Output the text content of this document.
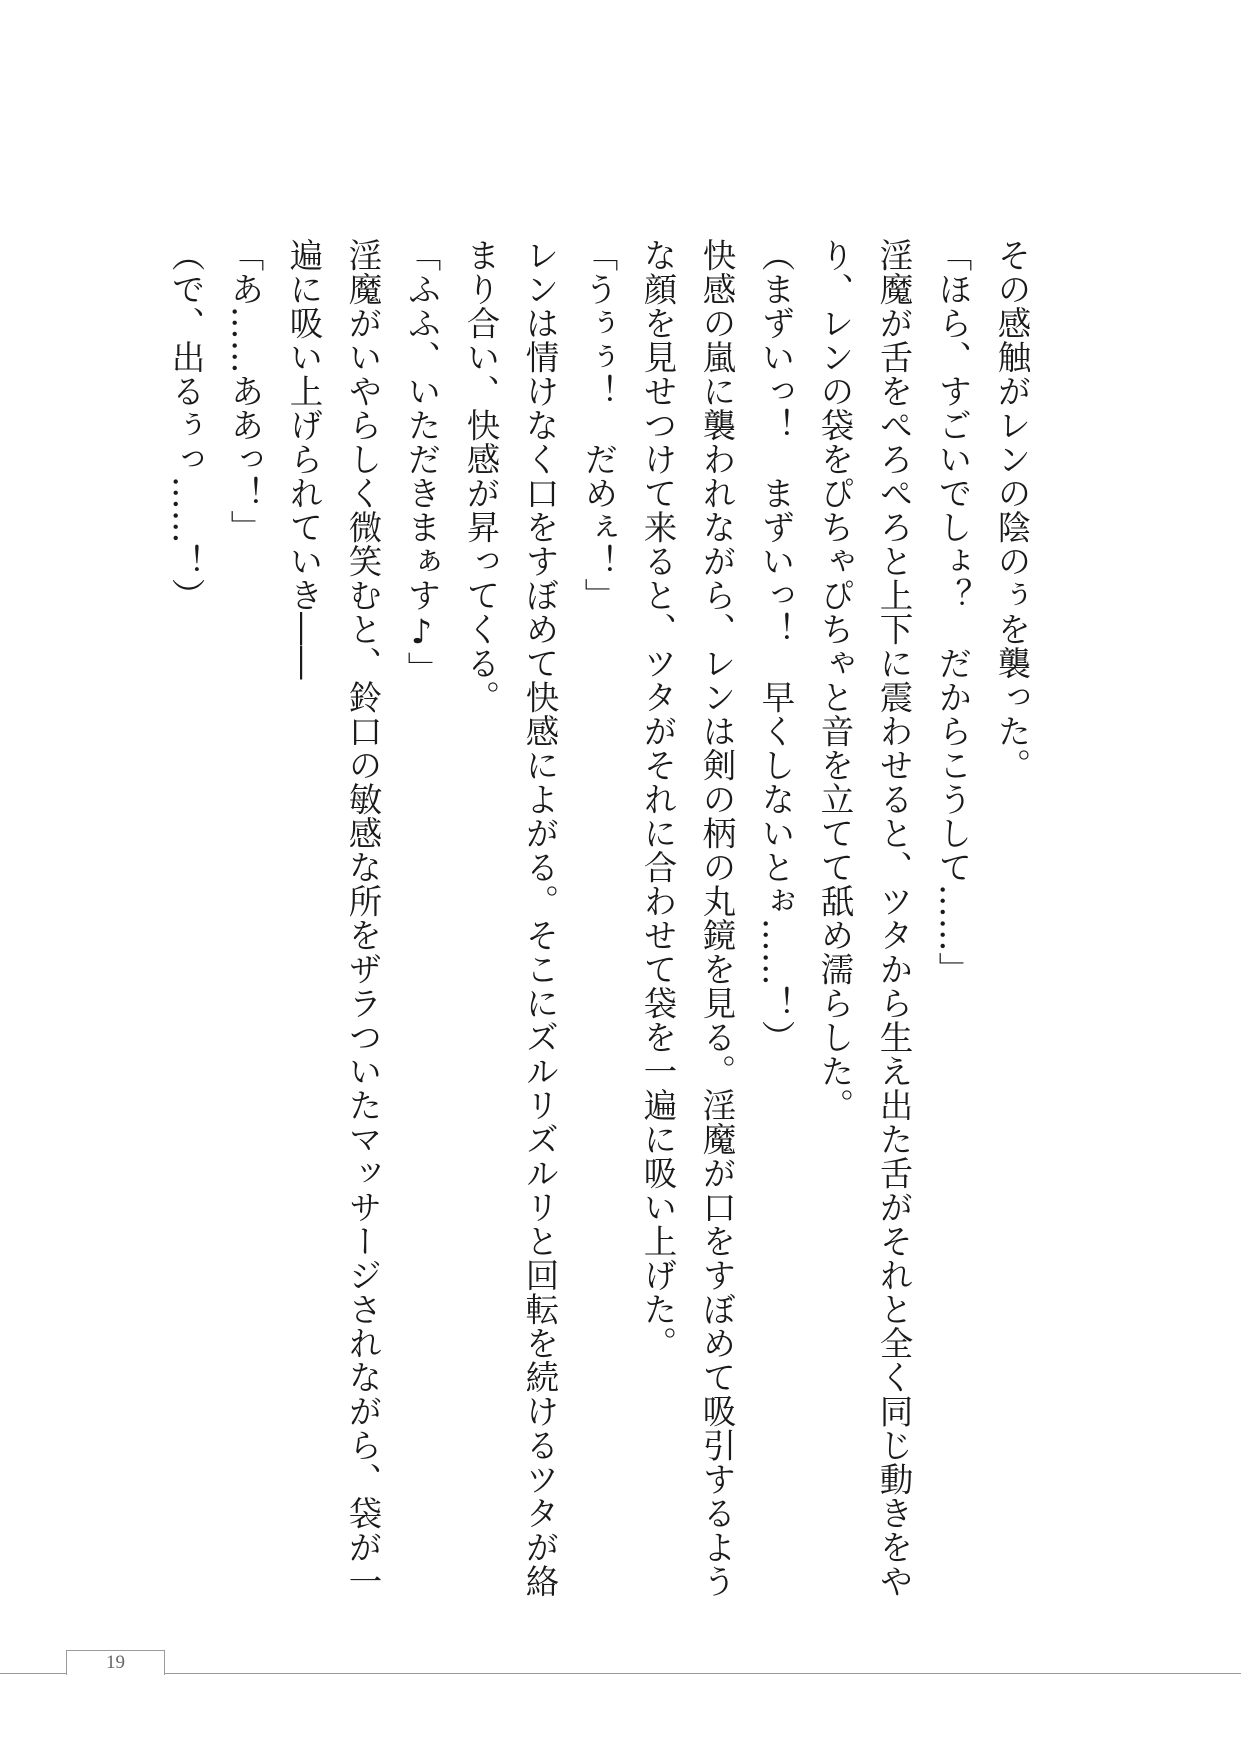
その感触がレンの陰のぅを襲った。

「ほら、すごいでしょ？　だからこうして……」

淫魔が舌をぺろぺろと上下に震わせると、ツタから生え出た舌がそれと全く同じ動きをやり、レンの袋をぴちゃぴちゃと音を立てて舐め濡らした。

（まずいっ！　まずいっ！　早くしないとぉ……！）

快感の嵐に襲われながら、レンは剣の柄の丸鏡を見る。淫魔が口をすぼめて吸引するような顔を見せつけて来ると、ツタがそれに合わせて袋を一遍に吸い上げた。

「うぅぅ！　だめぇ！」

レンは情けなく口をすぼめて快感によがる。そこにズルリズルリと回転を続けるツタが絡まり合い、快感が昇ってくる。

「ふふ、いただきまぁす♪」

淫魔がいやらしく微笑むと、鈴口の敏感な所をザラついたマッサージされながら、袋が一遍に吸い上げられていき――

「あ……ああっ！」

（で、出るぅっ……！）

19
